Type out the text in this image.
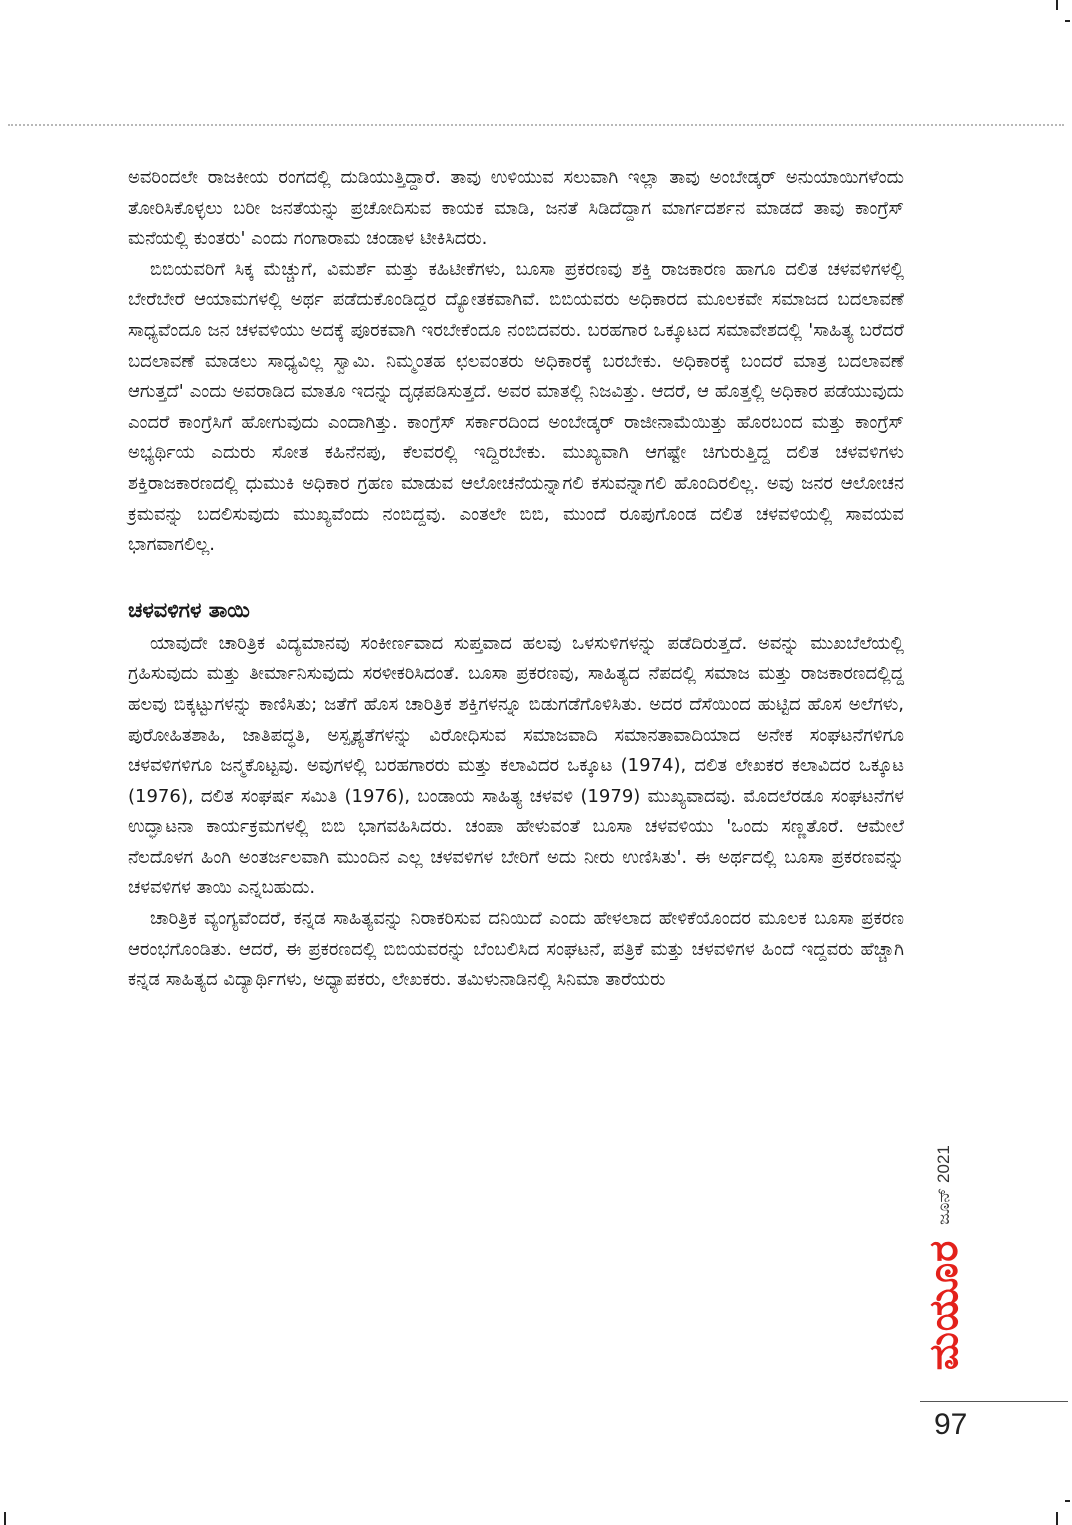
ಅವರಿಂದಲೇ ರಾಜಕೀಯ ರಂಗದಲ್ಲಿ ದುಡಿಯುತ್ತಿದ್ದಾರೆ. ತಾವು ಉಳಿಯುವ ಸಲುವಾಗಿ ಇಲ್ಲಾ ತಾವು ಅಂಬೇಡ್ಕರ್ ಅನುಯಾಯಿಗಳೆಂದು ತೋರಿಸಿಕೊಳ್ಳಲು ಬರೀ ಜನತೆಯನ್ನು ಪ್ರಚೋದಿಸುವ ಕಾಯಕ ಮಾಡಿ, ಜನತೆ ಸಿಡಿದೆದ್ದಾಗ ಮಾರ್ಗದರ್ಶನ ಮಾಡದೆ ತಾವು ಕಾಂಗ್ರೆಸ್ ಮನೆಯಲ್ಲಿ ಕುಂತರು' ಎಂದು ಗಂಗಾರಾಮ ಚಂಡಾಳ ಟೀಕಿಸಿದರು.

ಬಿಬಿಯವರಿಗೆ ಸಿಕ್ಕ ಮೆಚ್ಚುಗೆ, ವಿಮರ್ಶೆ ಮತ್ತು ಕಹಿಟೀಕೆಗಳು, ಬೂಸಾ ಪ್ರಕರಣವು ಶಕ್ತಿ ರಾಜಕಾರಣ ಹಾಗೂ ದಲಿತ ಚಳವಳಿಗಳಲ್ಲಿ ಬೇರೆಬೇರೆ ಆಯಾಮಗಳಲ್ಲಿ ಅರ್ಥ ಪಡೆದುಕೊಂಡಿದ್ದರ ದ್ಯೋತಕವಾಗಿವೆ. ಬಿಬಿಯವರು ಅಧಿಕಾರದ ಮೂಲಕವೇ ಸಮಾಜದ ಬದಲಾವಣೆ ಸಾಧ್ಯವೆಂದೂ ಜನ ಚಳವಳಿಯು ಅದಕ್ಕೆ ಪೂರಕವಾಗಿ ಇರಬೇಕೆಂದೂ ನಂಬಿದವರು. ಬರಹಗಾರ ಒಕ್ಕೂಟದ ಸಮಾವೇಶದಲ್ಲಿ 'ಸಾಹಿತ್ಯ ಬರೆದರೆ ಬದಲಾವಣೆ ಮಾಡಲು ಸಾಧ್ಯವಿಲ್ಲ ಸ್ವಾಮಿ. ನಿಮ್ಮಂತಹ ಛಲವಂತರು ಅಧಿಕಾರಕ್ಕೆ ಬರಬೇಕು. ಅಧಿಕಾರಕ್ಕೆ ಬಂದರೆ ಮಾತ್ರ ಬದಲಾವಣೆ ಆಗುತ್ತದೆ' ಎಂದು ಅವರಾಡಿದ ಮಾತೂ ಇದನ್ನು ದೃಢಪಡಿಸುತ್ತದೆ. ಅವರ ಮಾತಲ್ಲಿ ನಿಜವಿತ್ತು. ಆದರೆ, ಆ ಹೊತ್ತಲ್ಲಿ ಅಧಿಕಾರ ಪಡೆಯುವುದು ಎಂದರೆ ಕಾಂಗ್ರೆಸಿಗೆ ಹೋಗುವುದು ಎಂದಾಗಿತ್ತು. ಕಾಂಗ್ರೆಸ್ ಸರ್ಕಾರದಿಂದ ಅಂಬೇಡ್ಕರ್ ರಾಜೀನಾಮೆಯಿತ್ತು ಹೊರಬಂದ ಮತ್ತು ಕಾಂಗ್ರೆಸ್ ಅಭ್ಯರ್ಥಿಯ ಎದುರು ಸೋತ ಕಹಿನೆನಪು, ಕೆಲವರಲ್ಲಿ ಇದ್ದಿರಬೇಕು. ಮುಖ್ಯವಾಗಿ ಆಗಷ್ಟೇ ಚಿಗುರುತ್ತಿದ್ದ ದಲಿತ ಚಳವಳಿಗಳು ಶಕ್ತಿರಾಜಕಾರಣದಲ್ಲಿ ಧುಮುಕಿ ಅಧಿಕಾರ ಗ್ರಹಣ ಮಾಡುವ ಆಲೋಚನೆಯನ್ನಾಗಲಿ ಕಸುವನ್ನಾಗಲಿ ಹೊಂದಿರಲಿಲ್ಲ. ಅವು ಜನರ ಆಲೋಚನ ಕ್ರಮವನ್ನು ಬದಲಿಸುವುದು ಮುಖ್ಯವೆಂದು ನಂಬಿದ್ದವು. ಎಂತಲೇ ಬಿಬಿ, ಮುಂದೆ ರೂಪುಗೊಂಡ ದಲಿತ ಚಳವಳಿಯಲ್ಲಿ ಸಾವಯವ ಭಾಗವಾಗಲಿಲ್ಲ.

ಚಳವಳಿಗಳ ತಾಯಿ

ಯಾವುದೇ ಚಾರಿತ್ರಿಕ ವಿದ್ಯಮಾನವು ಸಂಕೀರ್ಣವಾದ ಸುಪ್ತವಾದ ಹಲವು ಒಳಸುಳಿಗಳನ್ನು ಪಡೆದಿರುತ್ತದೆ. ಅವನ್ನು ಮುಖಬೆಲೆಯಲ್ಲಿ ಗ್ರಹಿಸುವುದು ಮತ್ತು ತೀರ್ಮಾನಿಸುವುದು ಸರಳೀಕರಿಸಿದಂತೆ. ಬೂಸಾ ಪ್ರಕರಣವು, ಸಾಹಿತ್ಯದ ನೆಪದಲ್ಲಿ ಸಮಾಜ ಮತ್ತು ರಾಜಕಾರಣದಲ್ಲಿದ್ದ ಹಲವು ಬಿಕ್ಕಟ್ಟುಗಳನ್ನು ಕಾಣಿಸಿತು; ಜತೆಗೆ ಹೊಸ ಚಾರಿತ್ರಿಕ ಶಕ್ತಿಗಳನ್ನೂ ಬಿಡುಗಡೆಗೊಳಿಸಿತು. ಅದರ ದೆಸೆಯಿಂದ ಹುಟ್ಟಿದ ಹೊಸ ಅಲೆಗಳು, ಪುರೋಹಿತಶಾಹಿ, ಜಾತಿಪದ್ಧತಿ, ಅಸ್ಪೃಶ್ಯತೆಗಳನ್ನು ವಿರೋಧಿಸುವ ಸಮಾಜವಾದಿ ಸಮಾನತಾವಾದಿಯಾದ ಅನೇಕ ಸಂಘಟನೆಗಳಿಗೂ ಚಳವಳಿಗಳಿಗೂ ಜನ್ಮಕೊಟ್ಟವು. ಅವುಗಳಲ್ಲಿ ಬರಹಗಾರರು ಮತ್ತು ಕಲಾವಿದರ ಒಕ್ಕೂಟ (1974), ದಲಿತ ಲೇಖಕರ ಕಲಾವಿದರ ಒಕ್ಕೂಟ (1976), ದಲಿತ ಸಂಘರ್ಷ ಸಮಿತಿ (1976), ಬಂಡಾಯ ಸಾಹಿತ್ಯ ಚಳವಳಿ (1979) ಮುಖ್ಯವಾದವು. ಮೊದಲೆರಡೂ ಸಂಘಟನೆಗಳ ಉದ್ಘಾಟನಾ ಕಾರ್ಯಕ್ರಮಗಳಲ್ಲಿ ಬಿಬಿ ಭಾಗವಹಿಸಿದರು. ಚಂಪಾ ಹೇಳುವಂತೆ ಬೂಸಾ ಚಳವಳಿಯು 'ಒಂದು ಸಣ್ಣತೊರೆ. ಆಮೇಲೆ ನೆಲದೊಳಗ ಹಿಂಗಿ ಅಂತರ್ಜಲವಾಗಿ ಮುಂದಿನ ಎಲ್ಲ ಚಳವಳಿಗಳ ಬೇರಿಗೆ ಅದು ನೀರು ಉಣಿಸಿತು'. ಈ ಅರ್ಥದಲ್ಲಿ ಬೂಸಾ ಪ್ರಕರಣವನ್ನು ಚಳವಳಿಗಳ ತಾಯಿ ಎನ್ನಬಹುದು.

ಚಾರಿತ್ರಿಕ ವ್ಯಂಗ್ಯವೆಂದರೆ, ಕನ್ನಡ ಸಾಹಿತ್ಯವನ್ನು ನಿರಾಕರಿಸುವ ದನಿಯಿದೆ ಎಂದು ಹೇಳಲಾದ ಹೇಳಿಕೆಯೊಂದರ ಮೂಲಕ ಬೂಸಾ ಪ್ರಕರಣ ಆರಂಭಗೊಂಡಿತು. ಆದರೆ, ಈ ಪ್ರಕರಣದಲ್ಲಿ ಬಿಬಿಯವರನ್ನು ಬೆಂಬಲಿಸಿದ ಸಂಘಟನೆ, ಪತ್ರಿಕೆ ಮತ್ತು ಚಳವಳಿಗಳ ಹಿಂದೆ ಇದ್ದವರು ಹೆಚ್ಚಾಗಿ ಕನ್ನಡ ಸಾಹಿತ್ಯದ ವಿದ್ಯಾರ್ಥಿಗಳು, ಅಧ್ಯಾಪಕರು, ಲೇಖಕರು. ತಮಿಳುನಾಡಿನಲ್ಲಿ ಸಿನಿಮಾ ತಾರೆಯರು

ಜೂನ್ 2021
ಮಯೂರ
97
